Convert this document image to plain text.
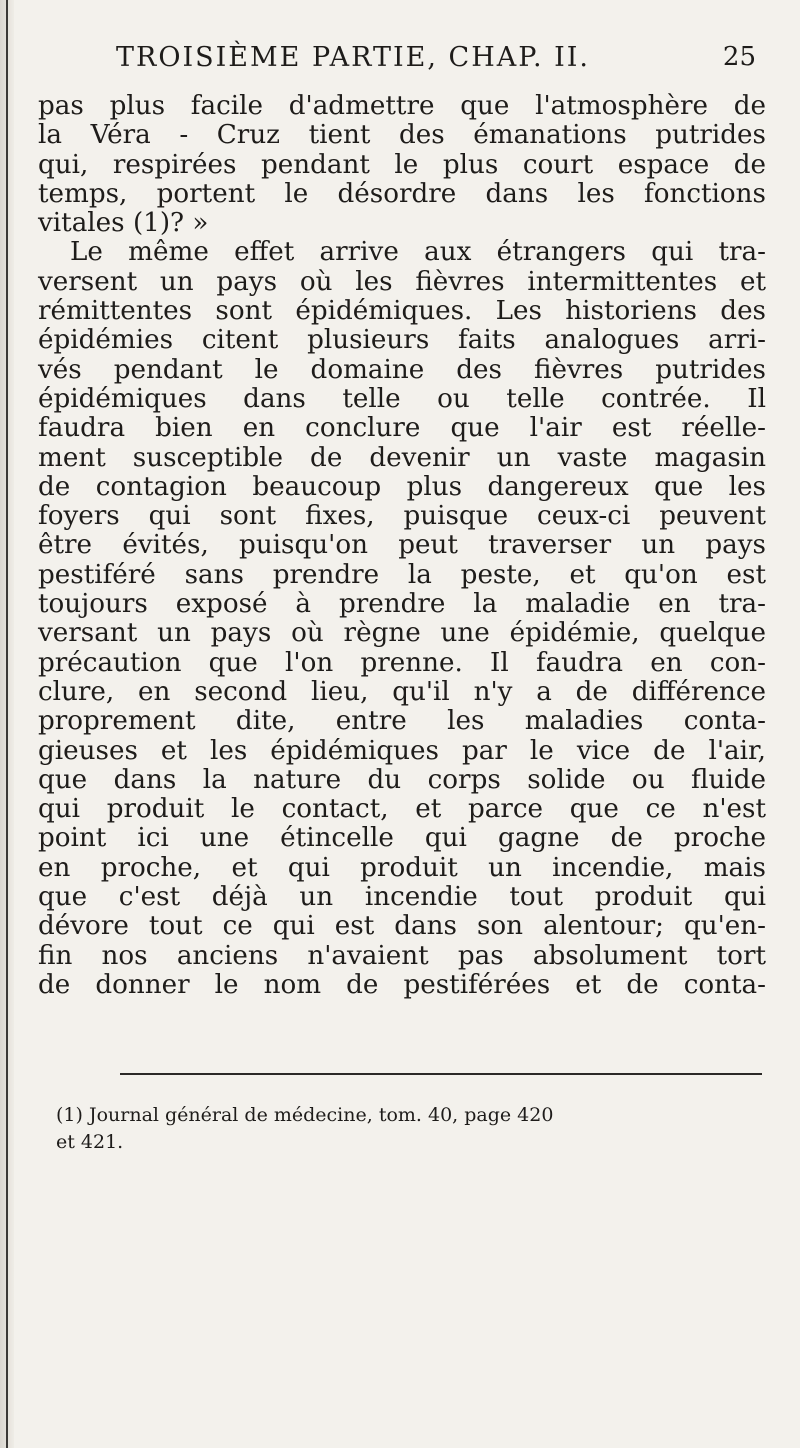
TROISIÈME PARTIE, CHAP. II.	25
pas plus facile d'admettre que l'atmosphère de
la Véra - Cruz tient des émanations putrides
qui, respirées pendant le plus court espace de
temps, portent le désordre dans les fonctions
vitales (1)? »
Le même effet arrive aux étrangers qui tra-
versent un pays où les fièvres intermittentes et
rémittentes sont épidémiques. Les historiens des
épidémies citent plusieurs faits analogues arri-
vés pendant le domaine des fièvres putrides
épidémiques dans telle ou telle contrée. Il
faudra bien en conclure que l'air est réelle-
ment susceptible de devenir un vaste magasin
de contagion beaucoup plus dangereux que les
foyers qui sont fixes, puisque ceux-ci peuvent
être évités, puisqu'on peut traverser un pays
pestiféré sans prendre la peste, et qu'on est
toujours exposé à prendre la maladie en tra-
versant un pays où règne une épidémie, quelque
précaution que l'on prenne. Il faudra en con-
clure, en second lieu, qu'il n'y a de différence
proprement dite, entre les maladies conta-
gieuses et les épidémiques par le vice de l'air,
que dans la nature du corps solide ou fluide
qui produit le contact, et parce que ce n'est
point ici une étincelle qui gagne de proche
en proche, et qui produit un incendie, mais
que c'est déjà un incendie tout produit qui
dévore tout ce qui est dans son alentour; qu'en-
fin nos anciens n'avaient pas absolument tort
de donner le nom de pestiférées et de conta-
(1) Journal général de médecine, tom. 40, page 420
et 421.
